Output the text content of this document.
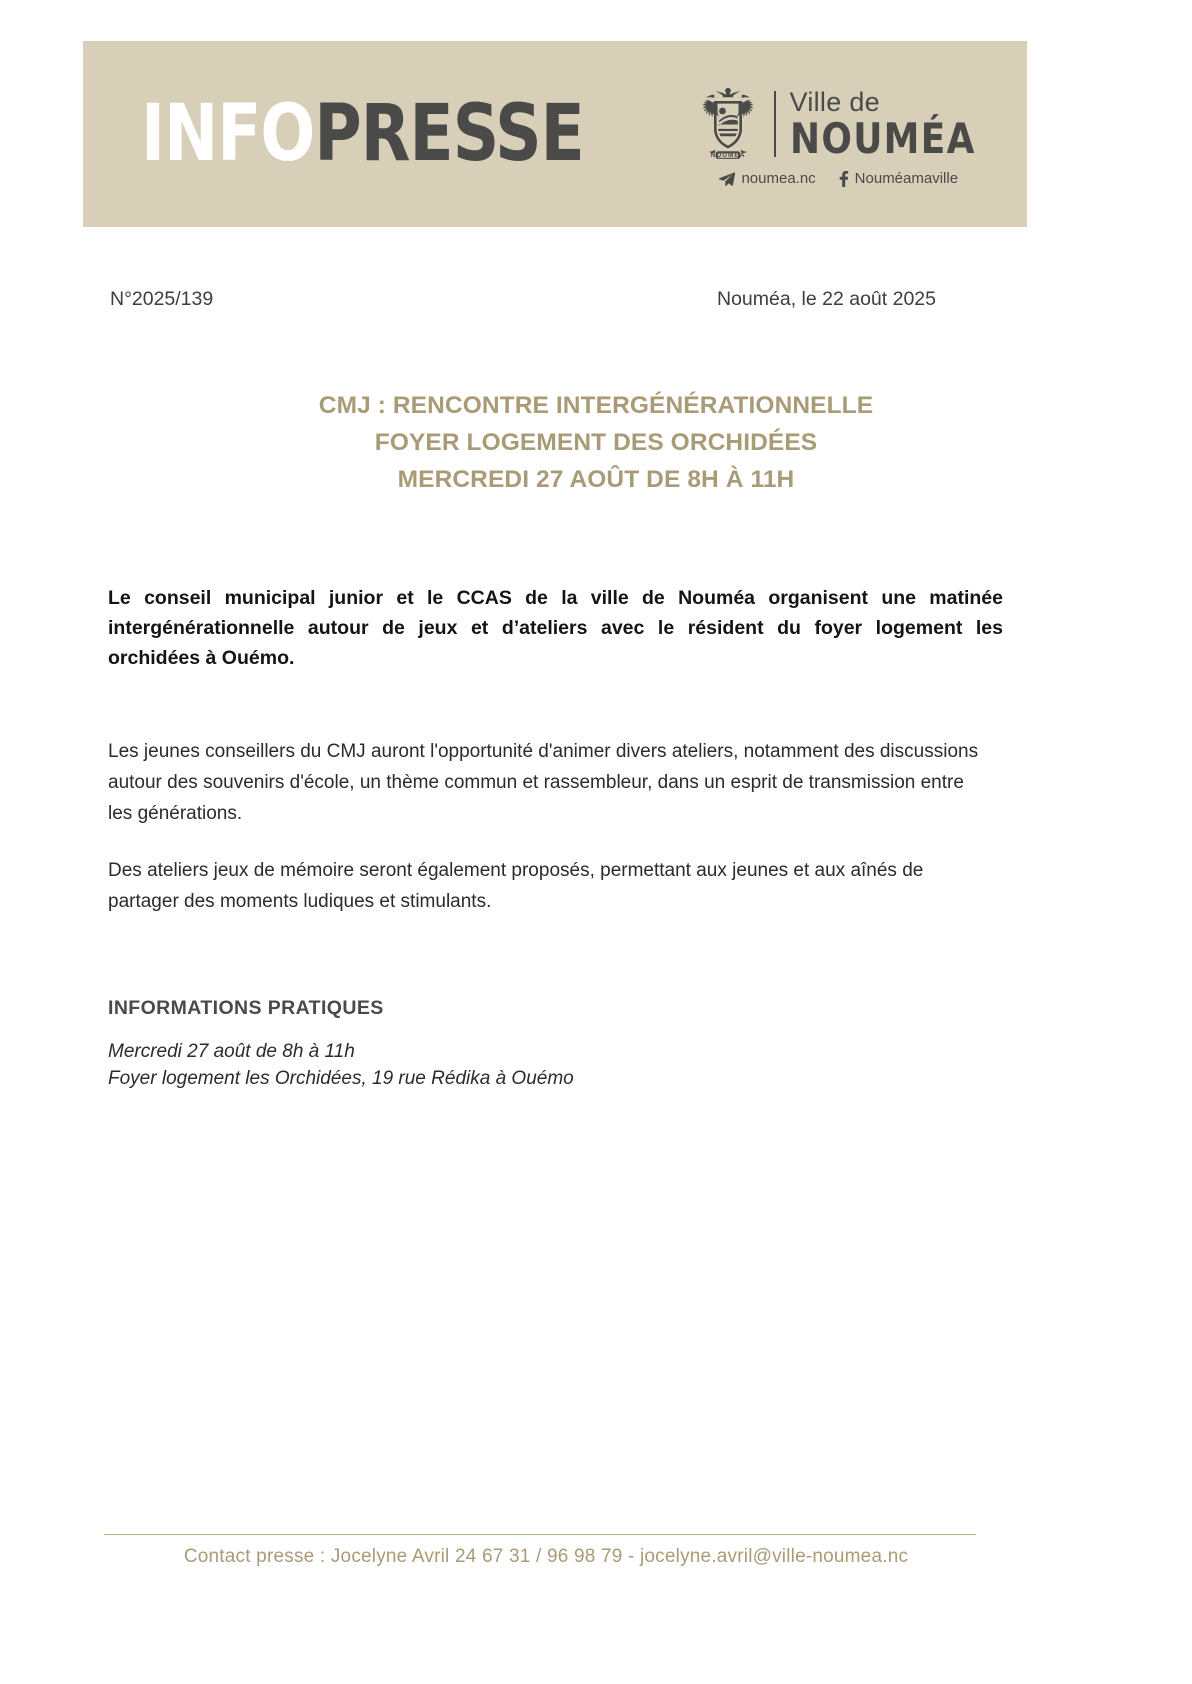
INFOPRESSE	NOUMEA
Ville de
NOUMÉA
noumea.nc	Nouméamaville
N°2025/139	Nouméa, le 22 août 2025
CMJ : RENCONTRE INTERGÉNÉRATIONNELLE
FOYER LOGEMENT DES ORCHIDÉES
MERCREDI 27 AOÛT DE 8H À 11H
Le conseil municipal junior et le CCAS de la ville de Nouméa organisent une matinée intergénérationnelle autour de jeux et d’ateliers avec le résident du foyer logement les orchidées à Ouémo.

Les jeunes conseillers du CMJ auront l'opportunité d'animer divers ateliers, notamment des discussions autour des souvenirs d'école, un thème commun et rassembleur, dans un esprit de transmission entre les générations.

Des ateliers jeux de mémoire seront également proposés, permettant aux jeunes et aux aînés de partager des moments ludiques et stimulants.

INFORMATIONS PRATIQUES
Mercredi 27 août de 8h à 11h
Foyer logement les Orchidées, 19 rue Rédika à Ouémo
Contact presse : Jocelyne Avril 24 67 31 / 96 98 79 - jocelyne.avril@ville-noumea.nc
